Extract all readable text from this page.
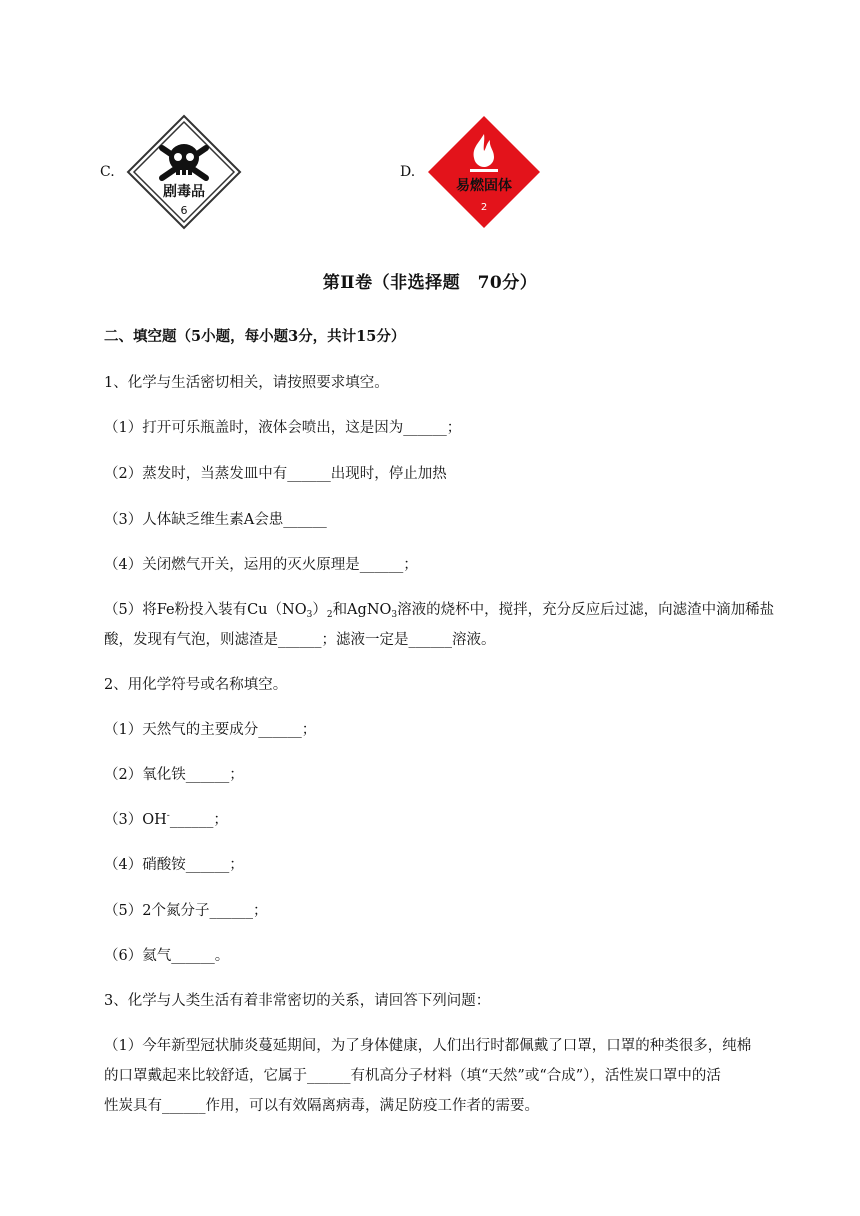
C.
剧毒品
6
D.
易燃固体
2
第Ⅱ卷（非选择题　70分）
二、填空题（5小题，每小题3分，共计15分）
1、化学与生活密切相关，请按照要求填空。
（1）打开可乐瓶盖时，液体会喷出，这是因为______；
（2）蒸发时，当蒸发皿中有______出现时，停止加热
（3）人体缺乏维生素A会患______
（4）关闭燃气开关，运用的灭火原理是______；
（5）将Fe粉投入装有$Cu(NO_3)_2$和AgNO$_3$溶液的烧杯中，搅拌，充分反应后过滤，向滤渣中滴加稀盐
酸，发现有气泡，则滤渣是______；滤液一定是______溶液。
2、用化学符号或名称填空。
（1）天然气的主要成分______；
（2）氧化铁______；
（3）OH-______；
（4）硝酸铵______；
（5）2个氮分子______；
（6）氦气______。
3、化学与人类生活有着非常密切的关系，请回答下列问题：
（1）今年新型冠状肺炎蔓延期间，为了身体健康，人们出行时都佩戴了口罩，口罩的种类很多，纯棉
的口罩戴起来比较舒适，它属于______有机高分子材料（填“天然”或“合成”），活性炭口罩中的活
性炭具有______作用，可以有效隔离病毒，满足防疫工作者的需要。
